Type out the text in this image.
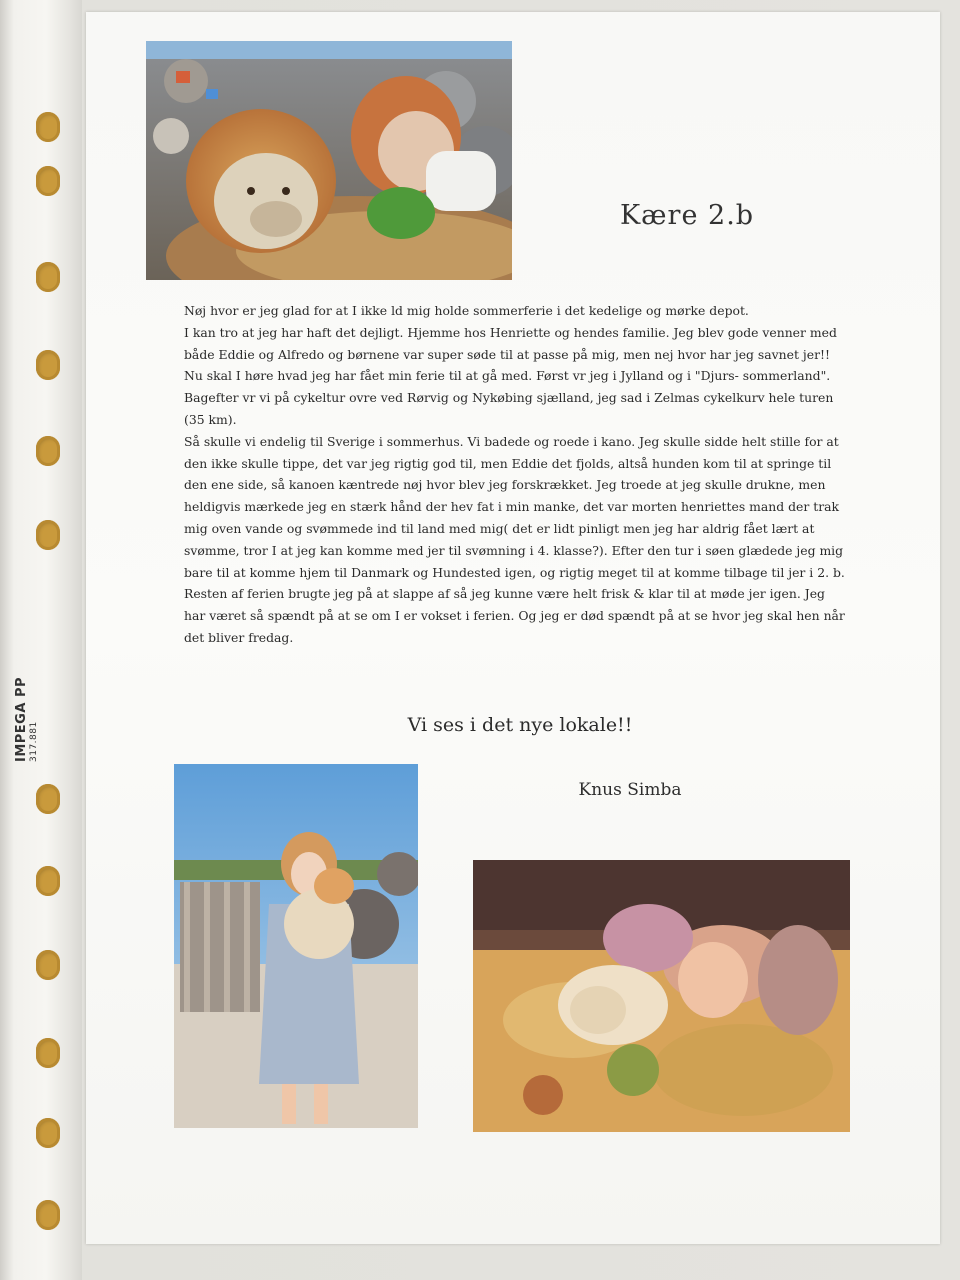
IMPEGA PP
317.881
Kære 2.b

Nøj hvor er jeg glad for at I ikke ld mig holde sommerferie i det kedelige og mørke depot.

I kan tro at jeg har haft det dejligt. Hjemme hos Henriette og hendes familie. Jeg blev gode venner med både Eddie og Alfredo og børnene var super søde til at passe på mig, men nej hvor har jeg savnet jer!!

Nu skal I høre hvad jeg har fået min ferie til at gå med. Først vr jeg i Jylland og i "Djurs- sommerland". Bagefter vr vi på cykeltur ovre ved Rørvig og Nykøbing sjælland, jeg sad i Zelmas cykelkurv hele turen (35 km).

Så skulle vi endelig til Sverige i sommerhus. Vi badede og roede i kano. Jeg skulle sidde helt stille for at den ikke skulle tippe, det var jeg rigtig god til, men Eddie det fjolds, altså hunden kom til at springe til den ene side, så kanoen kæntrede nøj hvor blev jeg forskrækket. Jeg troede at jeg skulle drukne, men heldigvis mærkede jeg en stærk hånd der hev fat i min manke, det var morten henriettes mand der trak mig oven vande og svømmede ind til land med mig( det er lidt pinligt men jeg har aldrig fået lært at svømme, tror I at jeg kan komme med jer til svømning i 4. klasse?). Efter den tur i søen glædede jeg mig bare til at komme hjem til Danmark og Hundested igen, og rigtig meget til at komme tilbage til jer i 2. b. Resten af ferien brugte jeg på at slappe af så jeg kunne være helt frisk & klar til at møde jer igen. Jeg har været så spændt på at se om I er vokset i ferien. Og jeg er død spændt på at se hvor jeg skal hen når det bliver fredag.

Vi ses i det nye lokale!!
Knus Simba
